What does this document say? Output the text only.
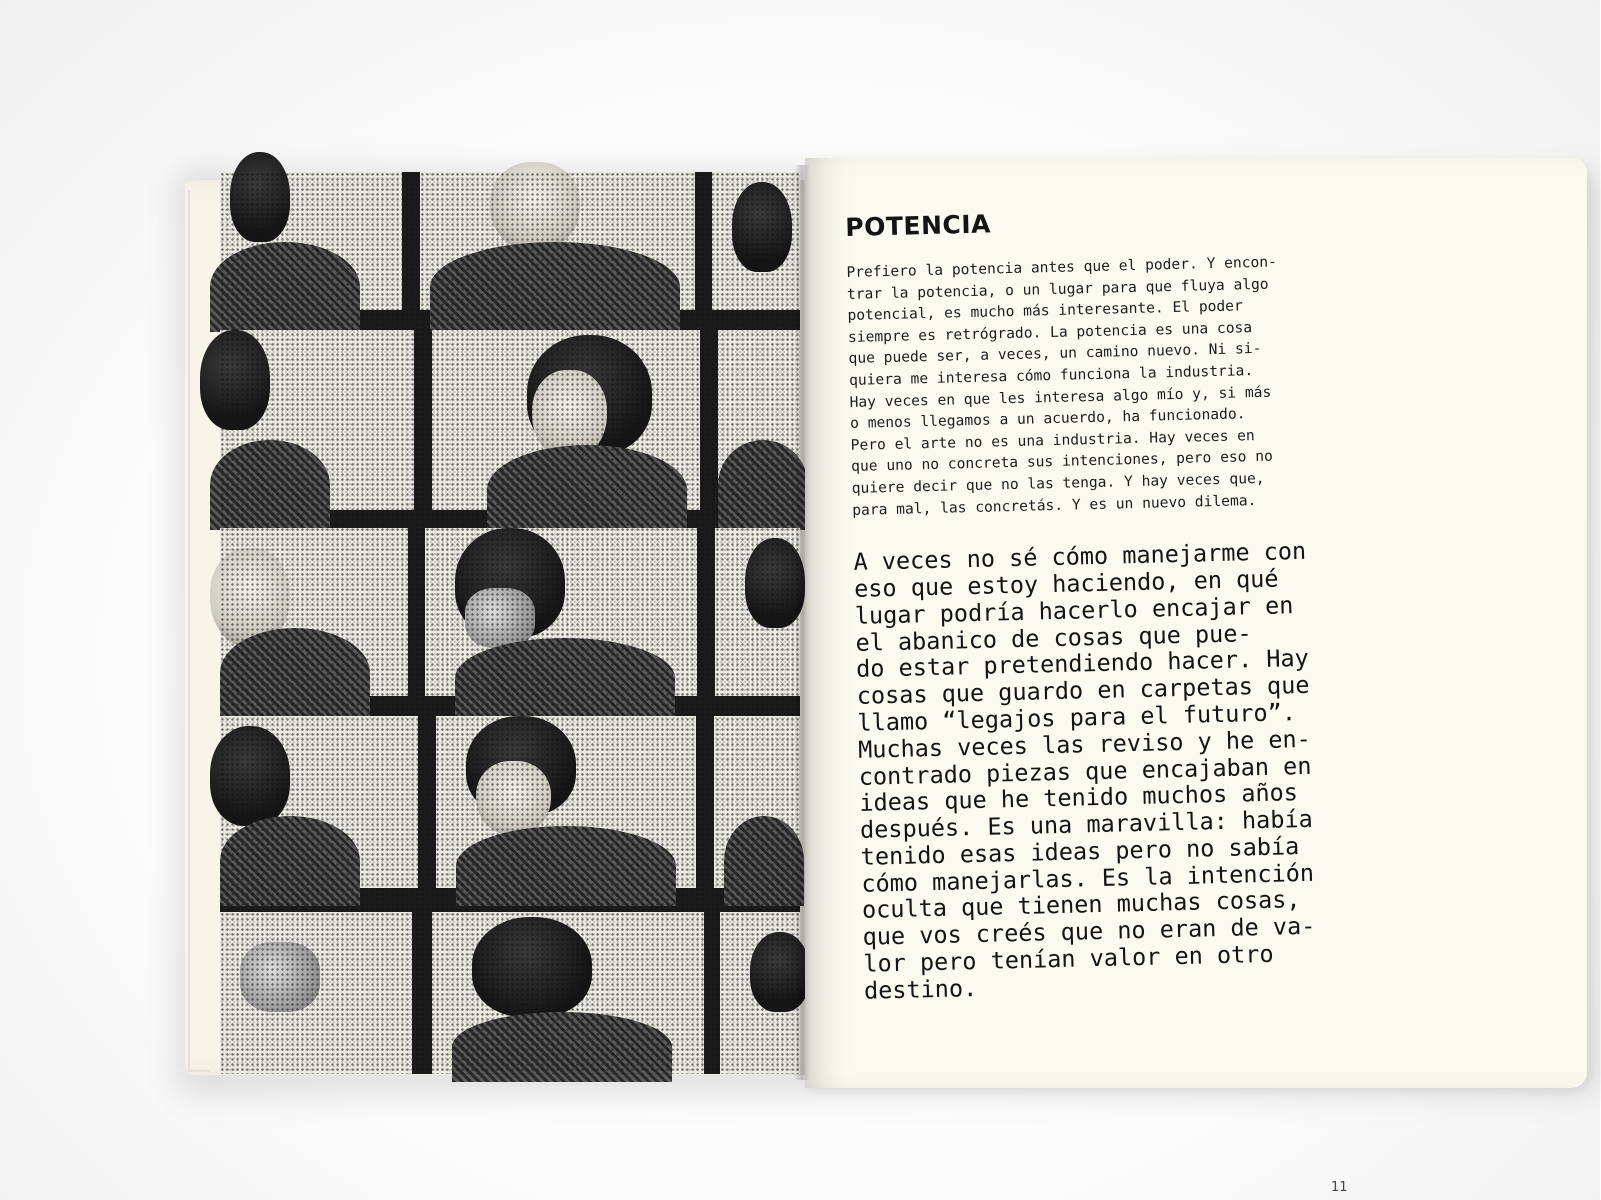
POTENCIA

Prefiero la potencia antes que el poder. Y encon-
trar la potencia, o un lugar para que fluya algo
potencial, es mucho más interesante. El poder
siempre es retrógrado. La potencia es una cosa
que puede ser, a veces, un camino nuevo. Ni si-
quiera me interesa cómo funciona la industria.
Hay veces en que les interesa algo mío y, si más
o menos llegamos a un acuerdo, ha funcionado.
Pero el arte no es una industria. Hay veces en
que uno no concreta sus intenciones, pero eso no
quiere decir que no las tenga. Y hay veces que,
para mal, las concretás. Y es un nuevo dilema.

A veces no sé cómo manejarme con
eso que estoy haciendo, en qué
lugar podría hacerlo encajar en
el abanico de cosas que pue-
do estar pretendiendo hacer. Hay
cosas que guardo en carpetas que
llamo “legajos para el futuro”.
Muchas veces las reviso y he en-
contrado piezas que encajaban en
ideas que he tenido muchos años
después. Es una maravilla: había
tenido esas ideas pero no sabía
cómo manejarlas. Es la intención
oculta que tienen muchas cosas,
que vos creés que no eran de va-
lor pero tenían valor en otro
destino.

11
